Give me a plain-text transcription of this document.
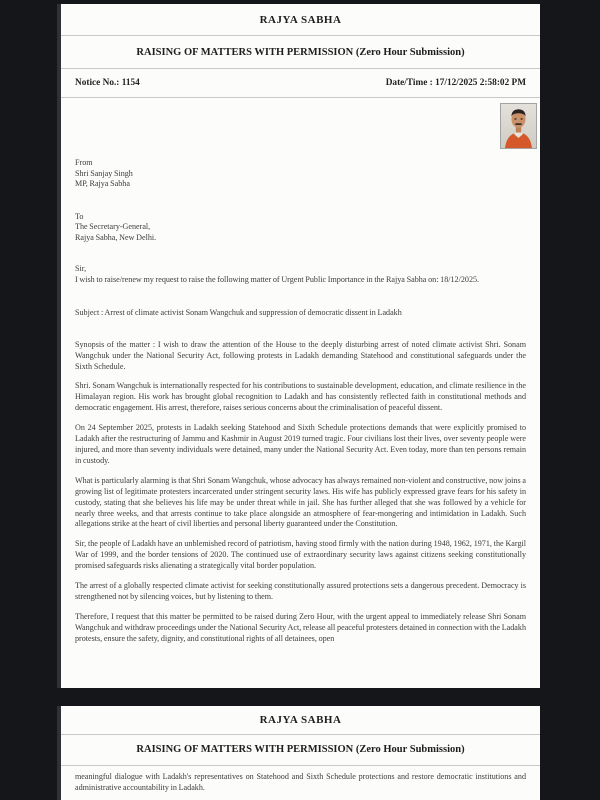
RAJYA SABHA
RAISING OF MATTERS WITH PERMISSION (Zero Hour Submission)
Notice No.: 1154	Date/Time : 17/12/2025 2:58:02 PM
From
Shri Sanjay Singh
MP, Rajya Sabha
To
The Secretary-General,
Rajya Sabha, New Delhi.
Sir,
I wish to raise/renew my request to raise the following matter of Urgent Public Importance in the Rajya Sabha on: 18/12/2025.
Subject : Arrest of climate activist Sonam Wangchuk and suppression of democratic dissent in Ladakh

Synopsis of the matter : I wish to draw the attention of the House to the deeply disturbing arrest of noted climate activist Shri. Sonam Wangchuk under the National Security Act, following protests in Ladakh demanding Statehood and constitutional safeguards under the Sixth Schedule.

Shri. Sonam Wangchuk is internationally respected for his contributions to sustainable development, education, and climate resilience in the Himalayan region. His work has brought global recognition to Ladakh and has consistently reflected faith in constitutional methods and democratic engagement. His arrest, therefore, raises serious concerns about the criminalisation of peaceful dissent.

On 24 September 2025, protests in Ladakh seeking Statehood and Sixth Schedule protections demands that were explicitly promised to Ladakh after the restructuring of Jammu and Kashmir in August 2019 turned tragic. Four civilians lost their lives, over seventy people were injured, and more than seventy individuals were detained, many under the National Security Act. Even today, more than ten persons remain in custody.

What is particularly alarming is that Shri Sonam Wangchuk, whose advocacy has always remained non-violent and constructive, now joins a growing list of legitimate protesters incarcerated under stringent security laws. His wife has publicly expressed grave fears for his safety in custody, stating that she believes his life may be under threat while in jail. She has further alleged that she was followed by a vehicle for nearly three weeks, and that arrests continue to take place alongside an atmosphere of fear-mongering and intimidation in Ladakh. Such allegations strike at the heart of civil liberties and personal liberty guaranteed under the Constitution.

Sir, the people of Ladakh have an unblemished record of patriotism, having stood firmly with the nation during 1948, 1962, 1971, the Kargil War of 1999, and the border tensions of 2020. The continued use of extraordinary security laws against citizens seeking constitutionally promised safeguards risks alienating a strategically vital border population.

The arrest of a globally respected climate activist for seeking constitutionally assured protections sets a dangerous precedent. Democracy is strengthened not by silencing voices, but by listening to them.

Therefore, I request that this matter be permitted to be raised during Zero Hour, with the urgent appeal to immediately release Shri Sonam Wangchuk and withdraw proceedings under the National Security Act, release all peaceful protesters detained in connection with the Ladakh protests, ensure the safety, dignity, and constitutional rights of all detainees, open

RAJYA SABHA
RAISING OF MATTERS WITH PERMISSION (Zero Hour Submission)

meaningful dialogue with Ladakh's representatives on Statehood and Sixth Schedule protections and restore democratic institutions and administrative accountability in Ladakh.
